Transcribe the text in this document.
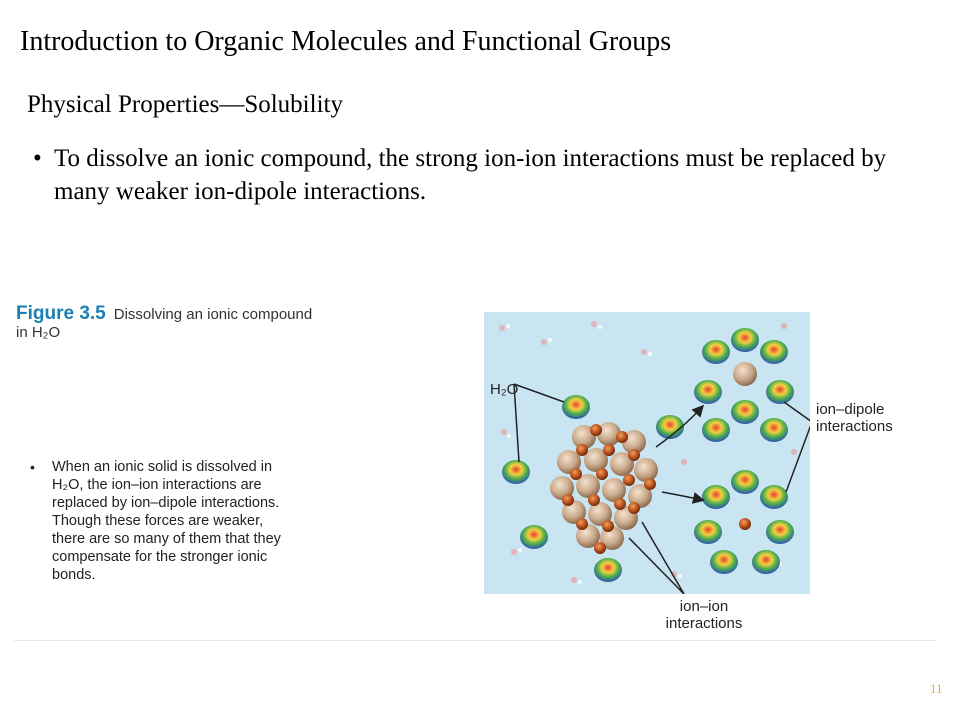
Introduction to Organic Molecules and Functional Groups
Physical Properties—Solubility
• To dissolve an ionic compound, the strong ion-ion interactions must be replaced by many weaker ion-dipole interactions.
Figure 3.5 Dissolving an ionic compound in H₂O
•	When an ionic solid is dissolved in H₂O, the ion–ion interactions are replaced by ion–dipole interactions. Though these forces are weaker, there are so many of them that they compensate for the stronger ionic bonds.
H₂O
ion–dipole interactions
ion–ion interactions
11
